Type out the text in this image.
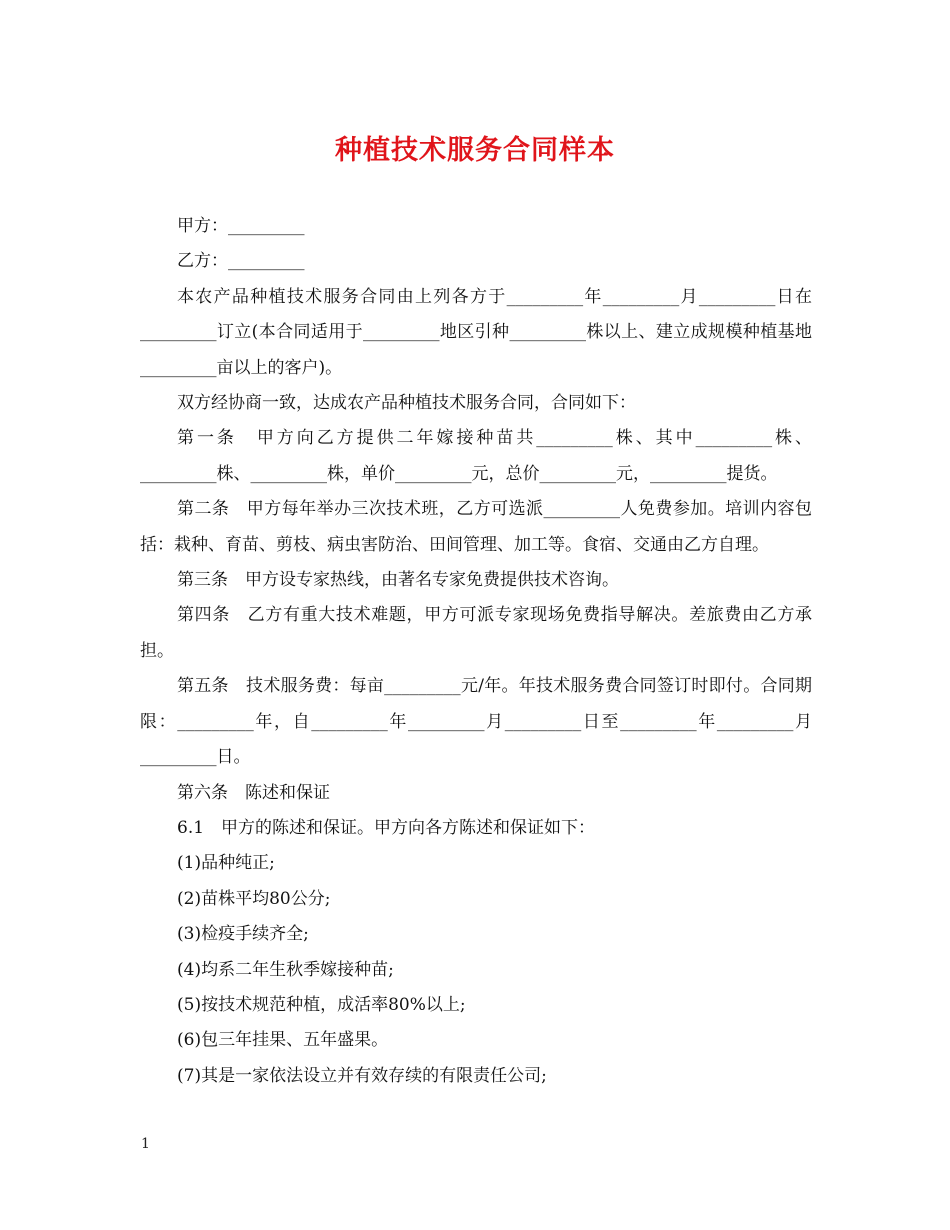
种植技术服务合同样本

甲方：_________

乙方：_________

本农产品种植技术服务合同由上列各方于_________年_________月_________日在_________订立(本合同适用于_________地区引种_________株以上、建立成规模种植基地_________亩以上的客户)。

双方经协商一致，达成农产品种植技术服务合同，合同如下：

第一条　甲方向乙方提供二年嫁接种苗共_________株、其中_________株、_________株、_________株，单价_________元，总价_________元，_________提货。

第二条　甲方每年举办三次技术班，乙方可选派_________人免费参加。培训内容包括：栽种、育苗、剪枝、病虫害防治、田间管理、加工等。食宿、交通由乙方自理。

第三条　甲方设专家热线，由著名专家免费提供技术咨询。

第四条　乙方有重大技术难题，甲方可派专家现场免费指导解决。差旅费由乙方承担。

第五条　技术服务费：每亩_________元/年。年技术服务费合同签订时即付。合同期限：_________年，自_________年_________月_________日至_________年_________月_________日。

第六条　陈述和保证

6.1　甲方的陈述和保证。甲方向各方陈述和保证如下：

(1)品种纯正;

(2)苗株平均80公分;

(3)检疫手续齐全;

(4)均系二年生秋季嫁接种苗;

(5)按技术规范种植，成活率80%以上;

(6)包三年挂果、五年盛果。

(7)其是一家依法设立并有效存续的有限责任公司;

1
